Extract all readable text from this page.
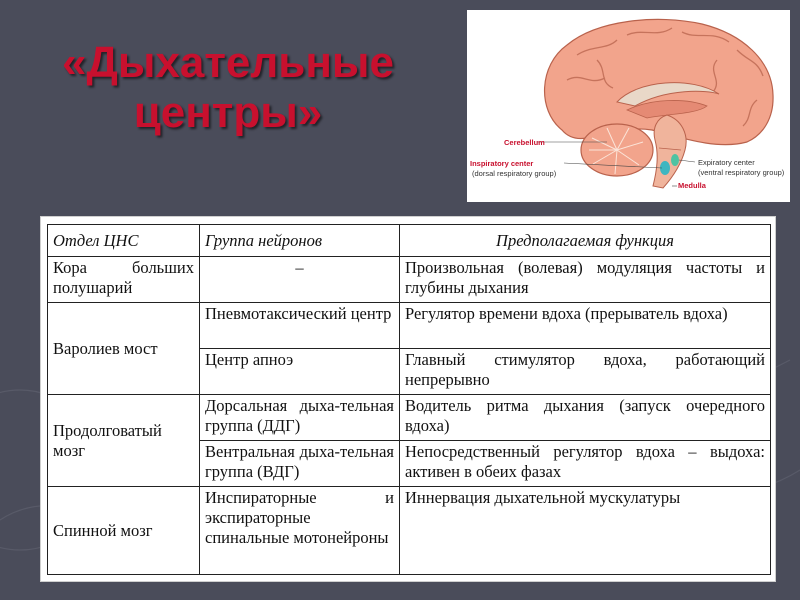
«Дыхательные
центры»
Cerebellum
Inspiratory center
(dorsal respiratory group)
Expiratory center
(ventral respiratory group)
Medulla
Отдел ЦНС	Группа нейронов	Предполагаемая функция
Кора больших полушарий	–	Произвольная (волевая) модуляция частоты и глубины дыхания
Варолиев мост	Пневмотаксический центр	Регулятор времени вдоха (прерыватель вдоха)
	Центр апноэ	Главный стимулятор вдоха, работающий непрерывно
Продолговатый мозг	Дорсальная дыха-тельная группа (ДДГ)	Водитель ритма дыхания (запуск очередного вдоха)
	Вентральная дыха-тельная группа (ВДГ)	Непосредственный регулятор вдоха – выдоха: активен в обеих фазах
Спинной мозг	Инспираторные и экспираторные спинальные мотонейроны	Иннервация дыхательной мускулатуры
